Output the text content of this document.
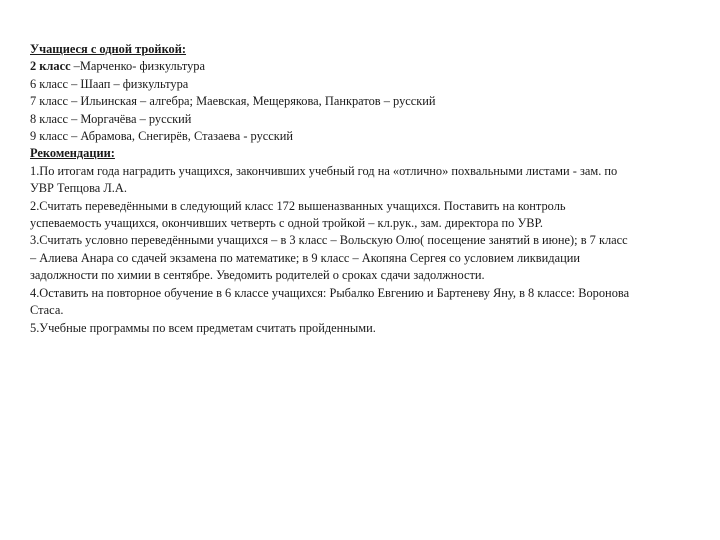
Учащиеся с одной тройкой:
2 класс –Марченко- физкультура
6 класс – Шаап – физкультура
7 класс – Ильинская – алгебра; Маевская, Мещерякова, Панкратов – русский
8 класс – Моргачёва – русский
9 класс – Абрамова, Снегирёв, Стазаева - русский
Рекомендации:
1.По итогам года наградить учащихся, закончивших учебный год на «отлично» похвальными листами - зам. по
УВР Тепцова Л.А.
2.Считать переведёнными в следующий класс 172 вышеназванных учащихся. Поставить на контроль
успеваемость учащихся, окончивших четверть с одной тройкой – кл.рук., зам. директора по УВР.
3.Считать условно переведёнными учащихся – в 3 класс – Вольскую Олю( посещение занятий в июне); в 7 класс
– Алиева Анара со сдачей экзамена по математике; в 9 класс – Акопяна Сергея со условием ликвидации
задолжности по химии в сентябре. Уведомить родителей о сроках сдачи задолжности.
4.Оставить на повторное обучение в 6 классе учащихся: Рыбалко Евгению и Бартеневу Яну, в 8 классе: Воронова
Стаса.
5.Учебные программы по всем предметам считать пройденными.
